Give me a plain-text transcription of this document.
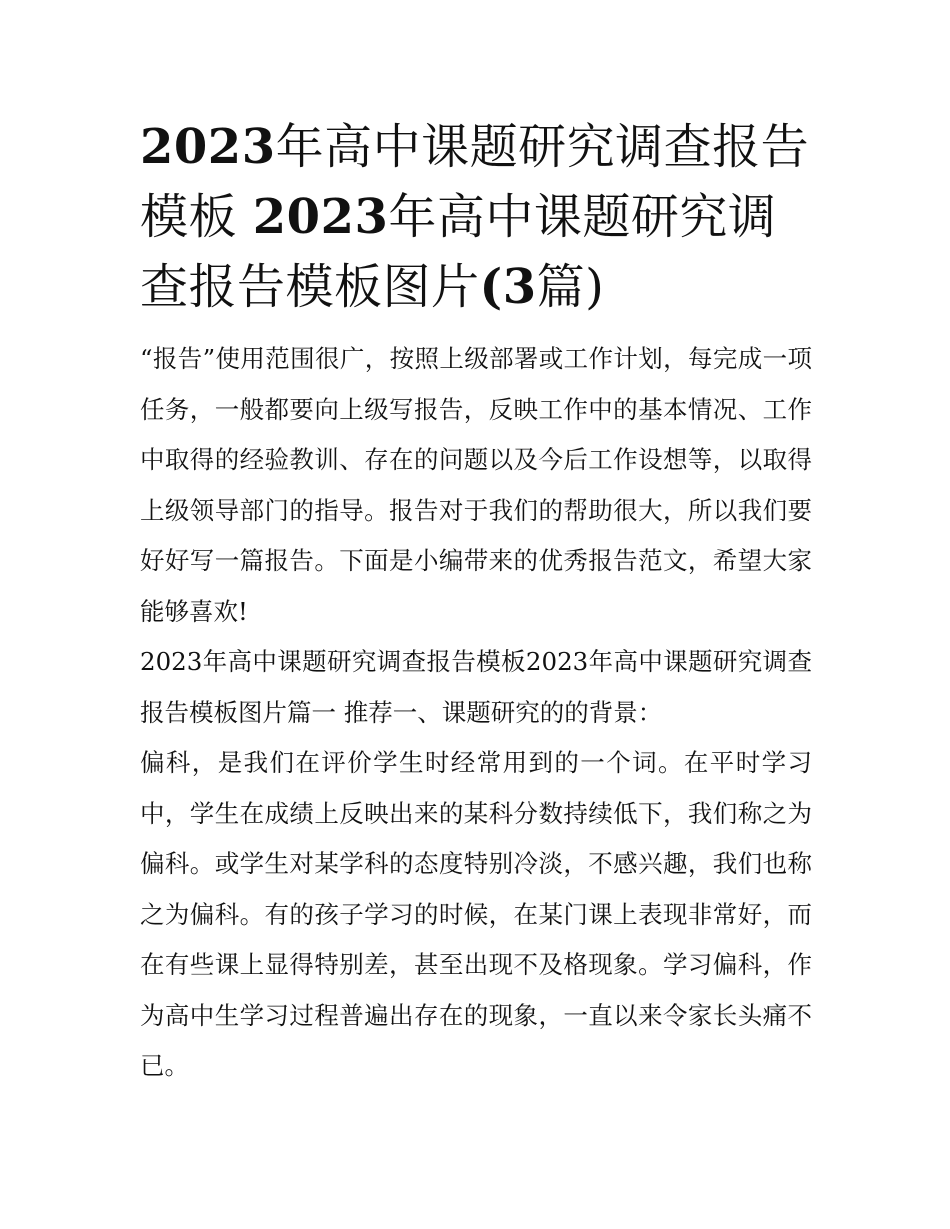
2023年高中课题研究调查报告模板 2023年高中课题研究调查报告模板图片(3篇)

“报告”使用范围很广，按照上级部署或工作计划，每完成一项任务，一般都要向上级写报告，反映工作中的基本情况、工作中取得的经验教训、存在的问题以及今后工作设想等，以取得上级领导部门的指导。报告对于我们的帮助很大，所以我们要好好写一篇报告。下面是小编带来的优秀报告范文，希望大家能够喜欢!

2023年高中课题研究调查报告模板2023年高中课题研究调查报告模板图片篇一 推荐一、课题研究的的背景：

偏科，是我们在评价学生时经常用到的一个词。在平时学习中，学生在成绩上反映出来的某科分数持续低下，我们称之为偏科。或学生对某学科的态度特别冷淡，不感兴趣，我们也称之为偏科。有的孩子学习的时候，在某门课上表现非常好，而在有些课上显得特别差，甚至出现不及格现象。学习偏科，作为高中生学习过程普遍出存在的现象，一直以来令家长头痛不已。
